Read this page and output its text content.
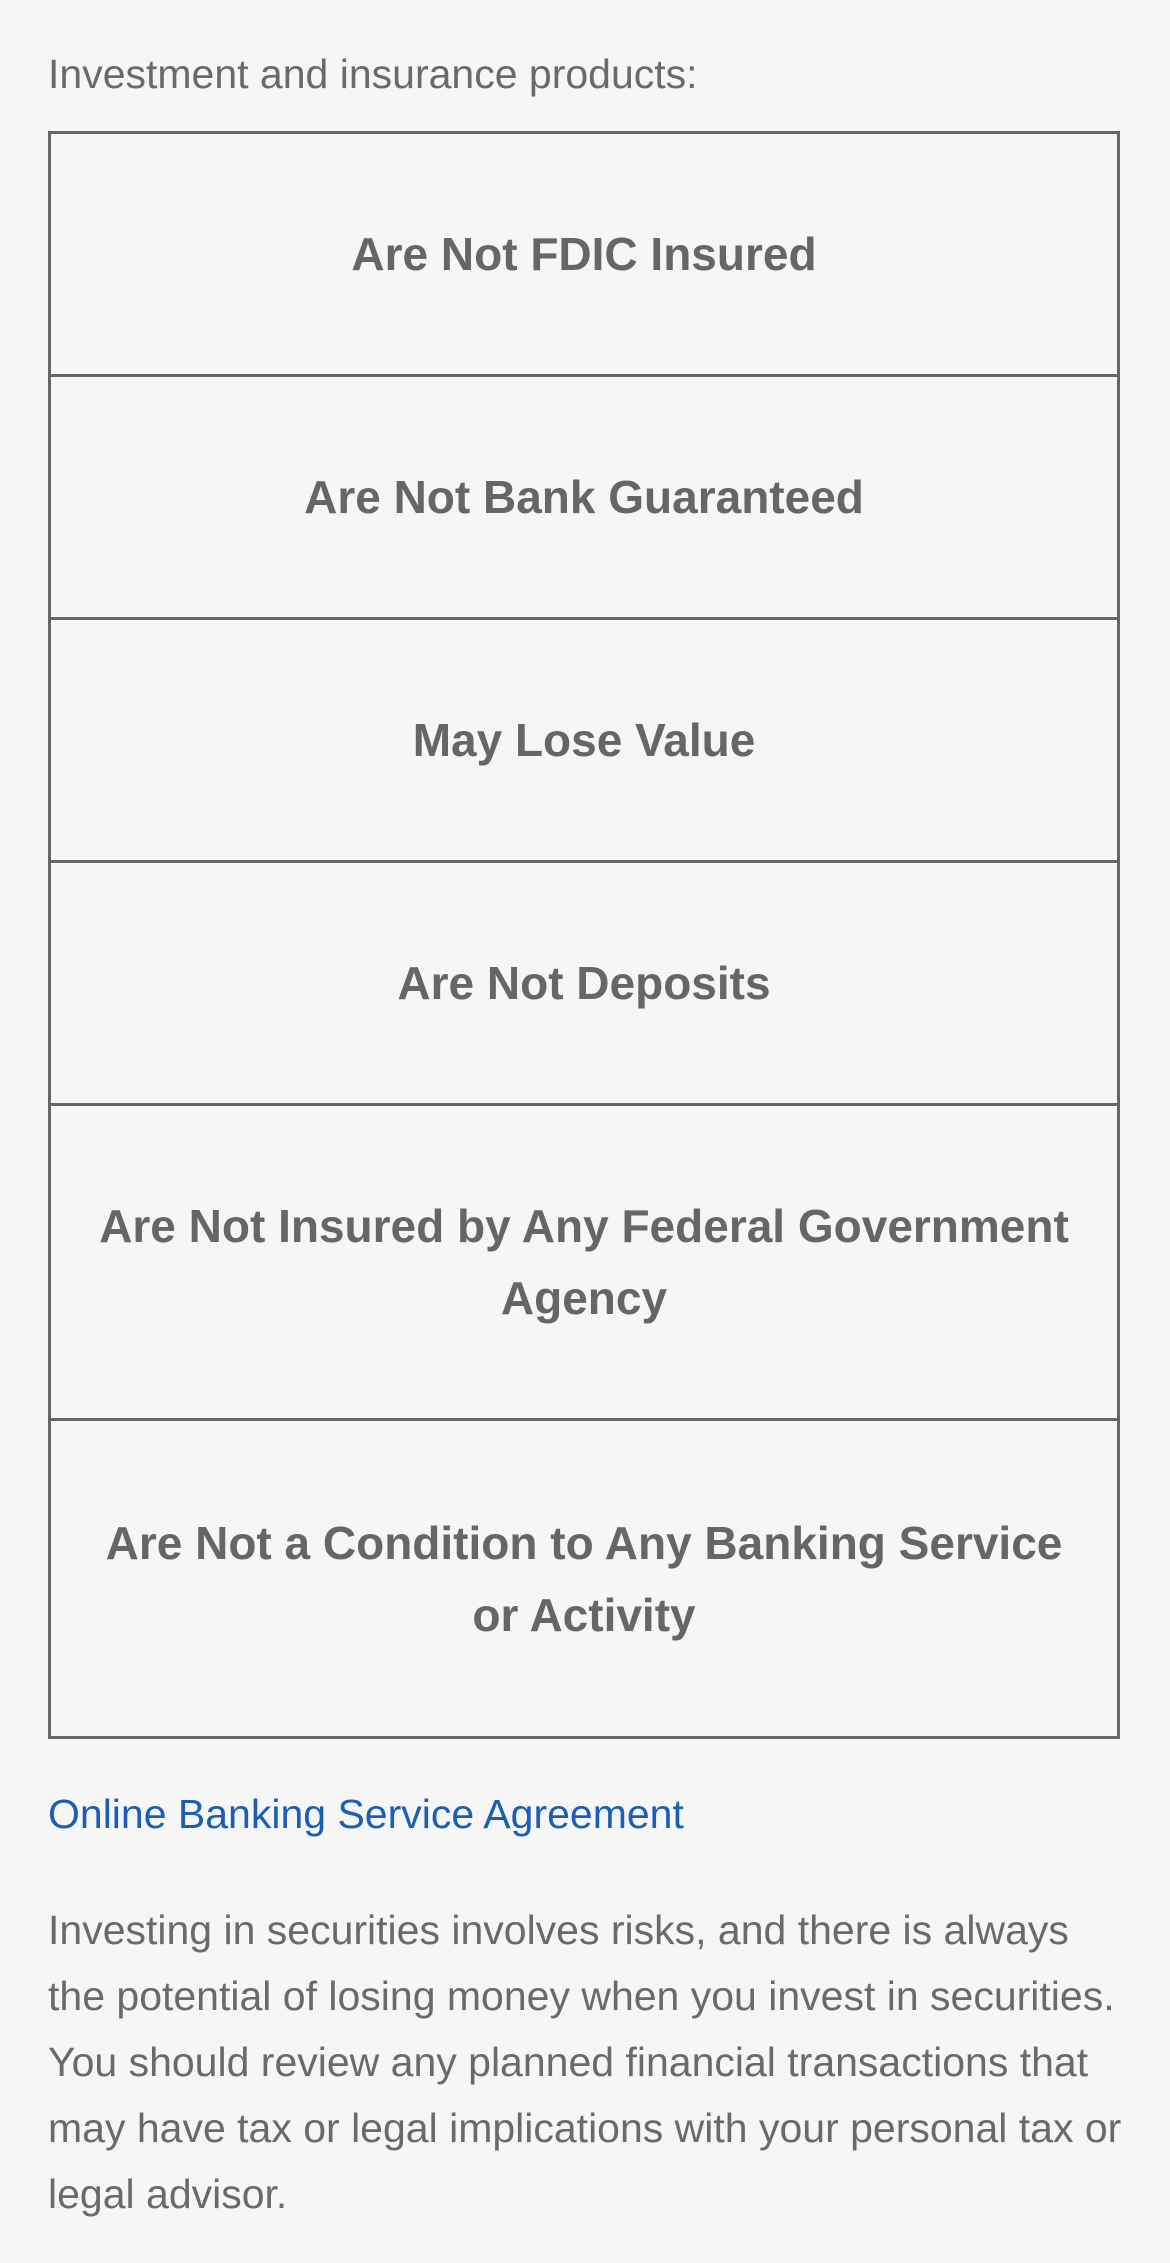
Investment and insurance products:
Are Not FDIC Insured
Are Not Bank Guaranteed
May Lose Value
Are Not Deposits
Are Not Insured by Any Federal Government Agency
Are Not a Condition to Any Banking Service or Activity
Online Banking Service Agreement

Investing in securities involves risks, and there is always the potential of losing money when you invest in securities. You should review any planned financial transactions that may have tax or legal implications with your personal tax or legal advisor.
